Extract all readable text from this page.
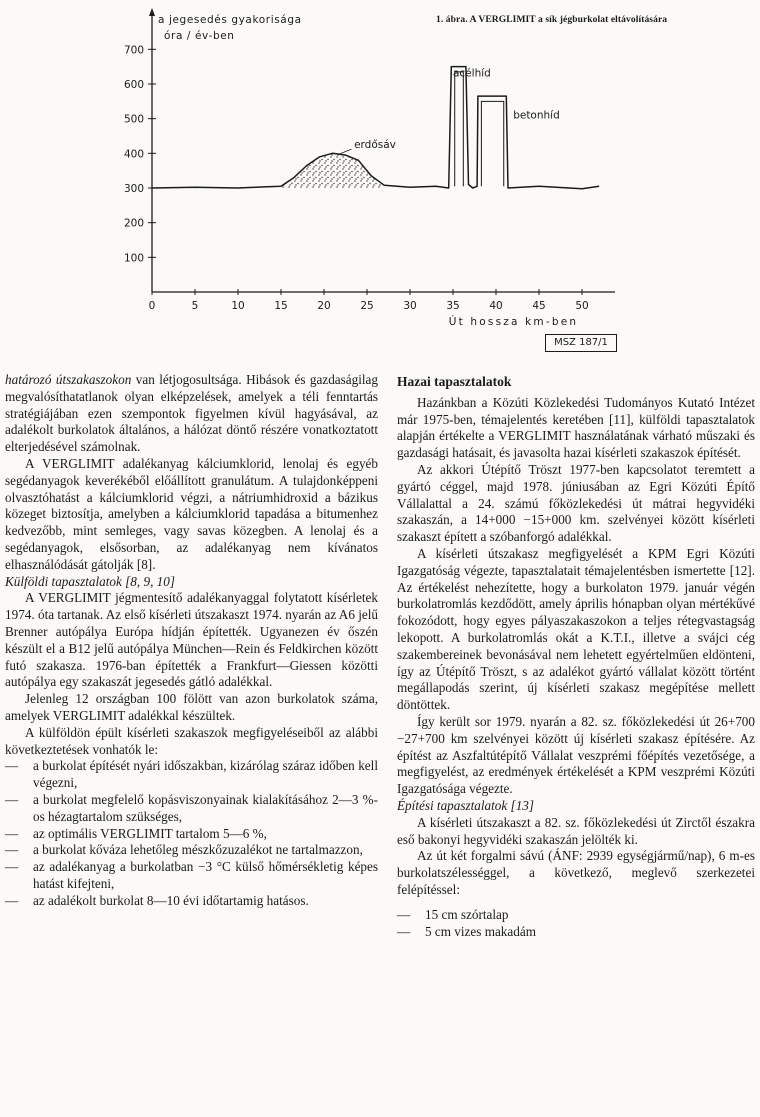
100
200
300
400
500
600
700
0	5	10	15	20	25	30	35	40	45	50
a jegesedés gyakorisága
óra / év-ben
Út hossza km-ben
erdősáv
acélhíd
betonhíd
1. ábra. A VERGLIMIT a sík jégburkolat eltávolítására
MSZ 187/1

határozó útszakaszokon van létjogosultsága. Hibások és gazdaságilag megvalósíthatatlanok olyan elképzelések, amelyek a téli fenntartás stratégiájában ezen szempontok figyelmen kívül hagyásával, az adalékolt burkolatok általános, a hálózat döntő részére vonatkoztatott elterjedésével számolnak.

A VERGLIMIT adalékanyag kálciumklorid, lenolaj és egyéb segédanyagok keverékéből előállított granulátum. A tulajdonképpeni olvasztóhatást a kálciumklorid végzi, a nátriumhidroxid a bázikus közeget biztosítja, amelyben a kálciumklorid tapadása a bitumenhez kedvezőbb, mint semleges, vagy savas közegben. A lenolaj és a segédanyagok, elsősorban, az adalékanyag nem kívánatos elhasználódását gátolják [8].

Külföldi tapasztalatok [8, 9, 10]

A VERGLIMIT jégmentesítő adalékanyaggal folytatott kísérletek 1974. óta tartanak. Az első kísérleti útszakaszt 1974. nyarán az A6 jelű Brenner autópálya Európa hídján építették. Ugyanezen év őszén készült el a B12 jelű autópálya München—Rein és Feldkirchen között futó szakasza. 1976-ban építették a Frankfurt—Giessen közötti autópálya egy szakaszát jegesedés gátló adalékkal.

Jelenleg 12 országban 100 fölött van azon burkolatok száma, amelyek VERGLIMIT adalékkal készültek.

A külföldön épült kísérleti szakaszok megfigyeléseiből az alábbi következtetések vonhatók le:

— a burkolat építését nyári időszakban, kizárólag száraz időben kell végezni,
— a burkolat megfelelő kopásviszonyainak kialakításához 2—3 %-os hézagtartalom szükséges,
— az optimális VERGLIMIT tartalom 5—6 %,
— a burkolat kőváza lehetőleg mészkőzuzalékot ne tartalmazzon,
— az adalékanyag a burkolatban −3 °C külső hőmérsékletig képes hatást kifejteni,
— az adalékolt burkolat 8—10 évi időtartamig hatásos.

Hazai tapasztalatok

Hazánkban a Közúti Közlekedési Tudományos Kutató Intézet már 1975-ben, témajelentés keretében [11], külföldi tapasztalatok alapján értékelte a VERGLIMIT használatának várható műszaki és gazdasági hatásait, és javasolta hazai kísérleti szakaszok építését.

Az akkori Útépítő Tröszt 1977-ben kapcsolatot teremtett a gyártó céggel, majd 1978. júniusában az Egri Közúti Építő Vállalattal a 24. számú főközlekedési út mátrai hegyvidéki szakaszán, a 14+000 −15+000 km. szelvényei között kísérleti szakaszt épített a szóbanforgó adalékkal.

A kísérleti útszakasz megfigyelését a KPM Egri Közúti Igazgatóság végezte, tapasztalatait témajelentésben ismertette [12]. Az értékelést nehezítette, hogy a burkolaton 1979. január végén burkolatromlás kezdődött, amely április hónapban olyan mértékűvé fokozódott, hogy egyes pályaszakaszokon a teljes rétegvastagság lekopott. A burkolatromlás okát a K.T.I., illetve a svájci cég szakembereinek bevonásával nem lehetett egyértelműen eldönteni, így az Útépítő Tröszt, s az adalékot gyártó vállalat között történt megállapodás szerint, új kísérleti szakasz megépítése mellett döntöttek.

Így került sor 1979. nyarán a 82. sz. főközlekedési út 26+700 −27+700 km szelvényei között új kísérleti szakasz építésére. Az építést az Aszfaltútépítő Vállalat veszprémi főépítés vezetősége, a megfigyelést, az eredmények értékelését a KPM veszprémi Közúti Igazgatósága végezte.

Építési tapasztalatok [13]

A kísérleti útszakaszt a 82. sz. főközlekedési út Zirctől északra eső bakonyi hegyvidéki szakaszán jelölték ki.

Az út két forgalmi sávú (ÁNF: 2939 egységjármű/nap), 6 m-es burkolatszélességgel, a következő, meglevő szerkezetei felépítéssel:

— 15 cm szórtalap
— 5 cm vizes makadám
